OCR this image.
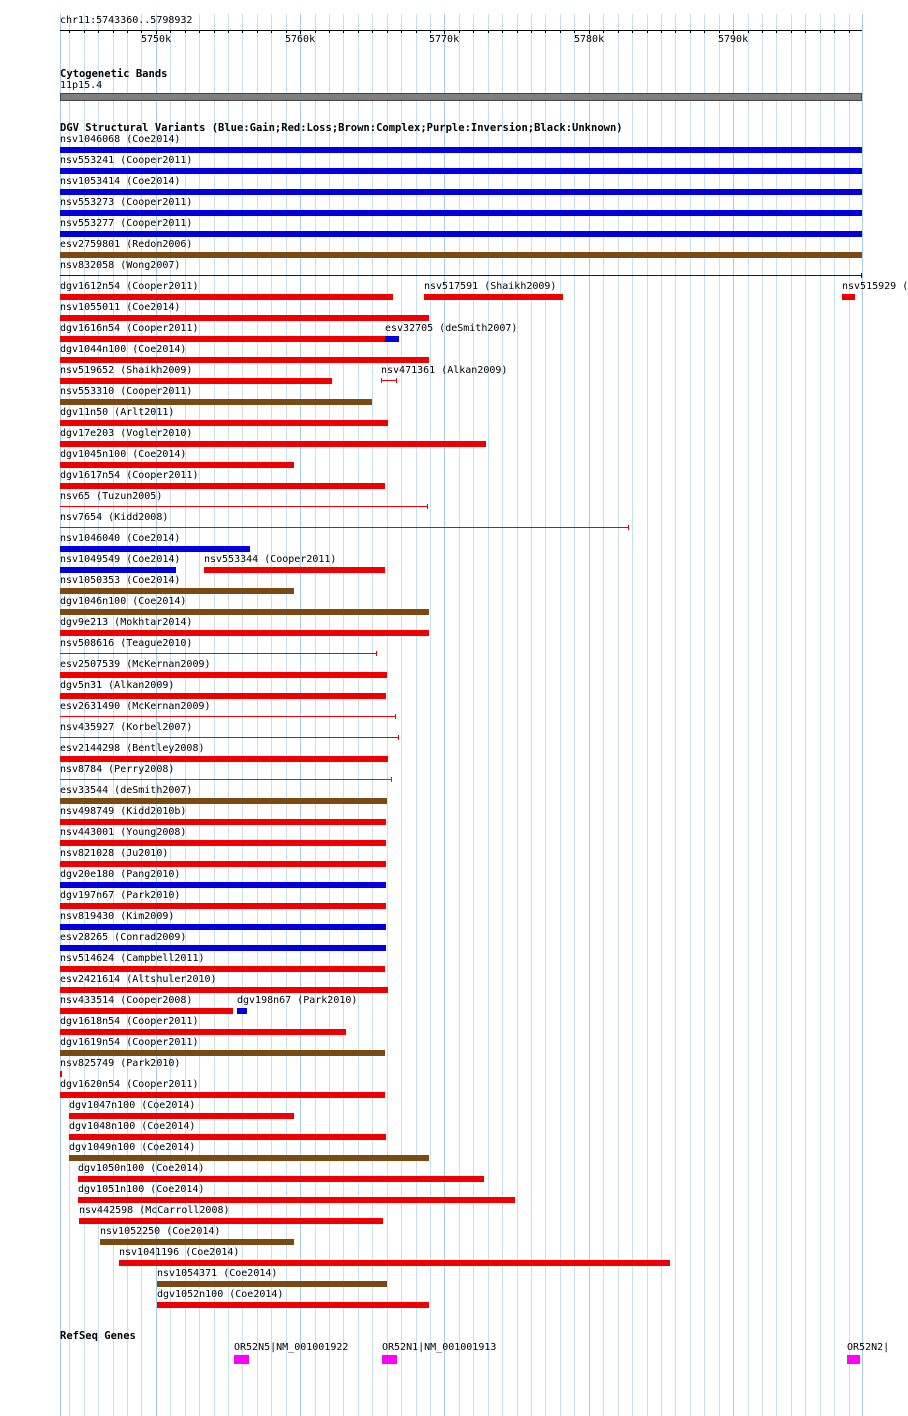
chr11:5743360..5798932
5750k	5760k	5770k	5780k	5790k
Cytogenetic Bands
11p15.4
DGV Structural Variants (Blue:Gain;Red:Loss;Brown:Complex;Purple:Inversion;Black:Unknown)
nsv1046068 (Coe2014)
nsv553241 (Cooper2011)
nsv1053414 (Coe2014)
nsv553273 (Cooper2011)
nsv553277 (Cooper2011)
esv2759801 (Redon2006)
nsv832058 (Wong2007)
dgv1612n54 (Cooper2011)	nsv517591 (Shaikh2009)	nsv515929 (
nsv1055011 (Coe2014)
dgv1616n54 (Cooper2011)	esv32705 (deSmith2007)
dgv1044n100 (Coe2014)
nsv519652 (Shaikh2009)	nsv471361 (Alkan2009)
nsv553310 (Cooper2011)
dgv11n50 (Arlt2011)
dgv17e203 (Vogler2010)
dgv1045n100 (Coe2014)
dgv1617n54 (Cooper2011)
nsv65 (Tuzun2005)
nsv7654 (Kidd2008)
nsv1046040 (Coe2014)
nsv1049549 (Coe2014) nsv553344 (Cooper2011)
nsv1050353 (Coe2014)
dgv1046n100 (Coe2014)
dgv9e213 (Mokhtar2014)
nsv508616 (Teague2010)
esv2507539 (McKernan2009)
dgv5n31 (Alkan2009)
esv2631490 (McKernan2009)
nsv435927 (Korbel2007)
esv2144298 (Bentley2008)
nsv8784 (Perry2008)
esv33544 (deSmith2007)
nsv498749 (Kidd2010b)
nsv443001 (Young2008)
nsv821028 (Ju2010)
dgv20e180 (Pang2010)
dgv197n67 (Park2010)
nsv819430 (Kim2009)
esv28265 (Conrad2009)
nsv514624 (Campbell2011)
esv2421614 (Altshuler2010)
nsv433514 (Cooper2008)	dgv198n67 (Park2010)
dgv1618n54 (Cooper2011)
dgv1619n54 (Cooper2011)
nsv825749 (Park2010)
dgv1620n54 (Cooper2011)
dgv1047n100 (Coe2014)
dgv1048n100 (Coe2014)
dgv1049n100 (Coe2014)
dgv1050n100 (Coe2014)
dgv1051n100 (Coe2014)
nsv442598 (McCarroll2008)
nsv1052250 (Coe2014)
nsv1041196 (Coe2014)
nsv1054371 (Coe2014)
dgv1052n100 (Coe2014)
RefSeq Genes
OR52N5|NM_001001922	OR52N1|NM_001001913	OR52N2|
